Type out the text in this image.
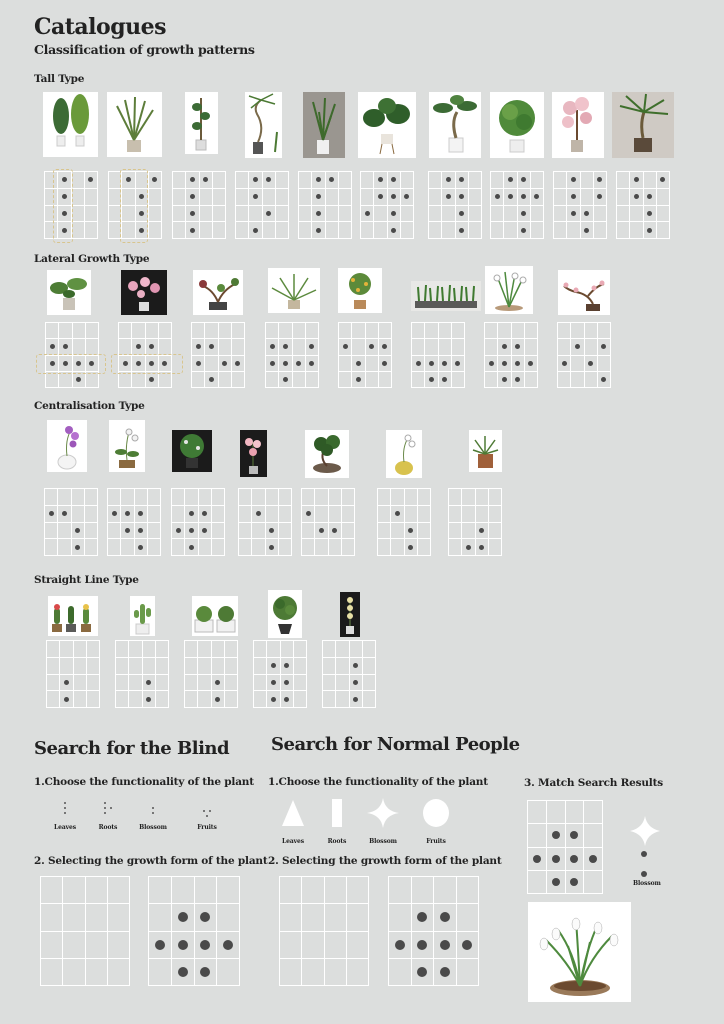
Catalogues
Classification of growth patterns
Tall Type
Lateral Growth Type
Centralisation Type
Straight Line Type
Search for the Blind
1.Choose the functionality of the plant
Leaves	Roots	Blossom	Fruits
2. Selecting the growth form of the plant
Search for Normal People
1.Choose the functionality of the plant
Leaves	Roots	Blossom	Fruits
2. Selecting the growth form of the plant
3. Match Search Results
Blossom
